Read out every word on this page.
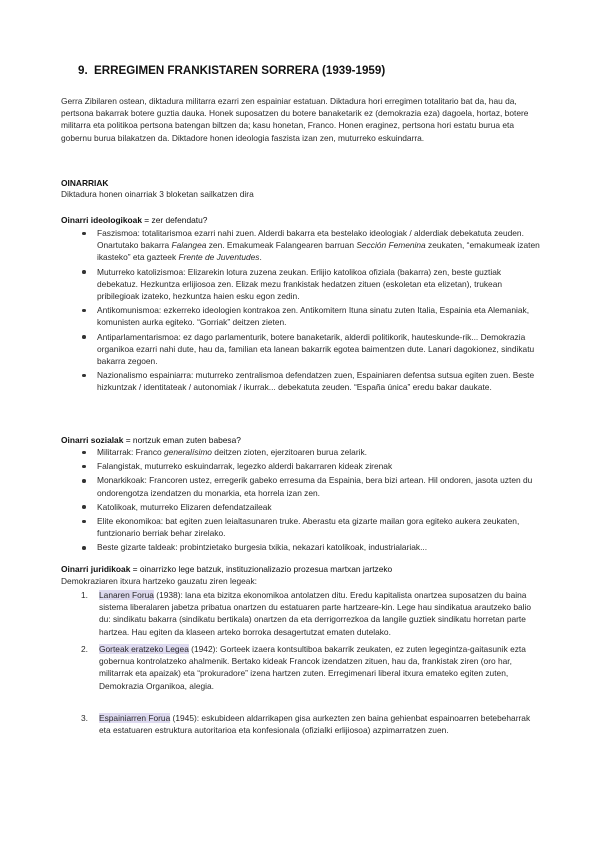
9. ERREGIMEN FRANKISTAREN SORRERA (1939-1959)

Gerra Zibilaren ostean, diktadura militarra ezarri zen espainiar estatuan. Diktadura hori erregimen totalitario bat da, hau da, pertsona bakarrak botere guztia dauka. Honek suposatzen du botere banaketarik ez (demokrazia eza) dagoela, hortaz, botere militarra eta politikoa pertsona batengan biltzen da; kasu honetan, Franco. Honen eraginez, pertsona hori estatu burua eta gobernu burua bilakatzen da. Diktadore honen ideologia faszista izan zen, muturreko eskuindarra.

OINARRIAK

Diktadura honen oinarriak 3 bloketan sailkatzen dira

Oinarri ideologikoak = zer defendatu?

Faszismoa: totalitarismoa ezarri nahi zuen. Alderdi bakarra eta bestelako ideologiak / alderdiak debekatuta zeuden. Onartutako bakarra Falangea zen. Emakumeak Falangearen barruan Sección Femenina zeukaten, “emakumeak izaten ikasteko” eta gazteek Frente de Juventudes.
Muturreko katolizismoa: Elizarekin lotura zuzena zeukan. Erlijio katolikoa ofiziala (bakarra) zen, beste guztiak debekatuz. Hezkuntza erlijiosoa zen. Elizak mezu frankistak hedatzen zituen (eskoletan eta elizetan), trukean pribilegioak izateko, hezkuntza haien esku egon zedin.
Antikomunismoa: ezkerreko ideologien kontrakoa zen. Antikomitern Ituna sinatu zuten Italia, Espainia eta Alemaniak, komunisten aurka egiteko. “Gorriak” deitzen zieten.
Antiparlamentarismoa: ez dago parlamenturik, botere banaketarik, alderdi politikorik, hauteskunde-rik... Demokrazia organikoa ezarri nahi dute, hau da, familian eta lanean bakarrik egotea baimentzen dute. Lanari dagokionez, sindikatu bakarra zegoen.
Nazionalismo espainiarra: muturreko zentralismoa defendatzen zuen, Espainiaren defentsa sutsua egiten zuen. Beste hizkuntzak / identitateak / autonomiak / ikurrak... debekatuta zeuden. “España única” eredu bakar daukate.

Oinarri sozialak = nortzuk eman zuten babesa?

Militarrak: Franco generalísimo deitzen zioten, ejerzitoaren burua zelarik.
Falangistak, muturreko eskuindarrak, legezko alderdi bakarraren kideak zirenak
Monarkikoak: Francoren ustez, erregerik gabeko erresuma da Espainia, bera bizi artean. Hil ondoren, jasota uzten du ondorengotza izendatzen du monarkia, eta horrela izan zen.
Katolikoak, muturreko Elizaren defendatzaileak
Elite ekonomikoa: bat egiten zuen leialtasunaren truke. Aberastu eta gizarte mailan gora egiteko aukera zeukaten, funtzionario berriak behar zirelako.
Beste gizarte taldeak: probintzietako burgesia txikia, nekazari katolikoak, industrialariak...

Oinarri juridikoak = oinarrizko lege batzuk, instituzionalizazio prozesua martxan jartzeko

Demokraziaren itxura hartzeko gauzatu ziren legeak:

1. Lanaren Forua (1938): lana eta bizitza ekonomikoa antolatzen ditu. Eredu kapitalista onartzea suposatzen du baina sistema liberalaren jabetza pribatua onartzen du estatuaren parte hartzeare-kin. Lege hau sindikatua arautzeko balio du: sindikatu bakarra (sindikatu bertikala) onartzen da eta derrigorrezkoa da langile guztiek sindikatu horretan parte hartzea. Hau egiten da klaseen arteko borroka desagertutzat ematen dutelako.
2. Gorteak eratzeko Legea (1942): Gorteek izaera kontsultiboa bakarrik zeukaten, ez zuten legegintza-gaitasunik ezta gobernua kontrolatzeko ahalmenik. Bertako kideak Francok izendatzen zituen, hau da, frankistak ziren (oro har, militarrak eta apaizak) eta “prokuradore” izena hartzen zuten. Erregimenari liberal itxura emateko egiten zuten, Demokrazia Organikoa, alegia.
3. Espainiarren Forua (1945): eskubideen aldarrikapen gisa aurkezten zen baina gehienbat espainoarren betebeharrak eta estatuaren estruktura autoritarioa eta konfesionala (ofizialki erlijiosoa) azpimarratzen zuen.
